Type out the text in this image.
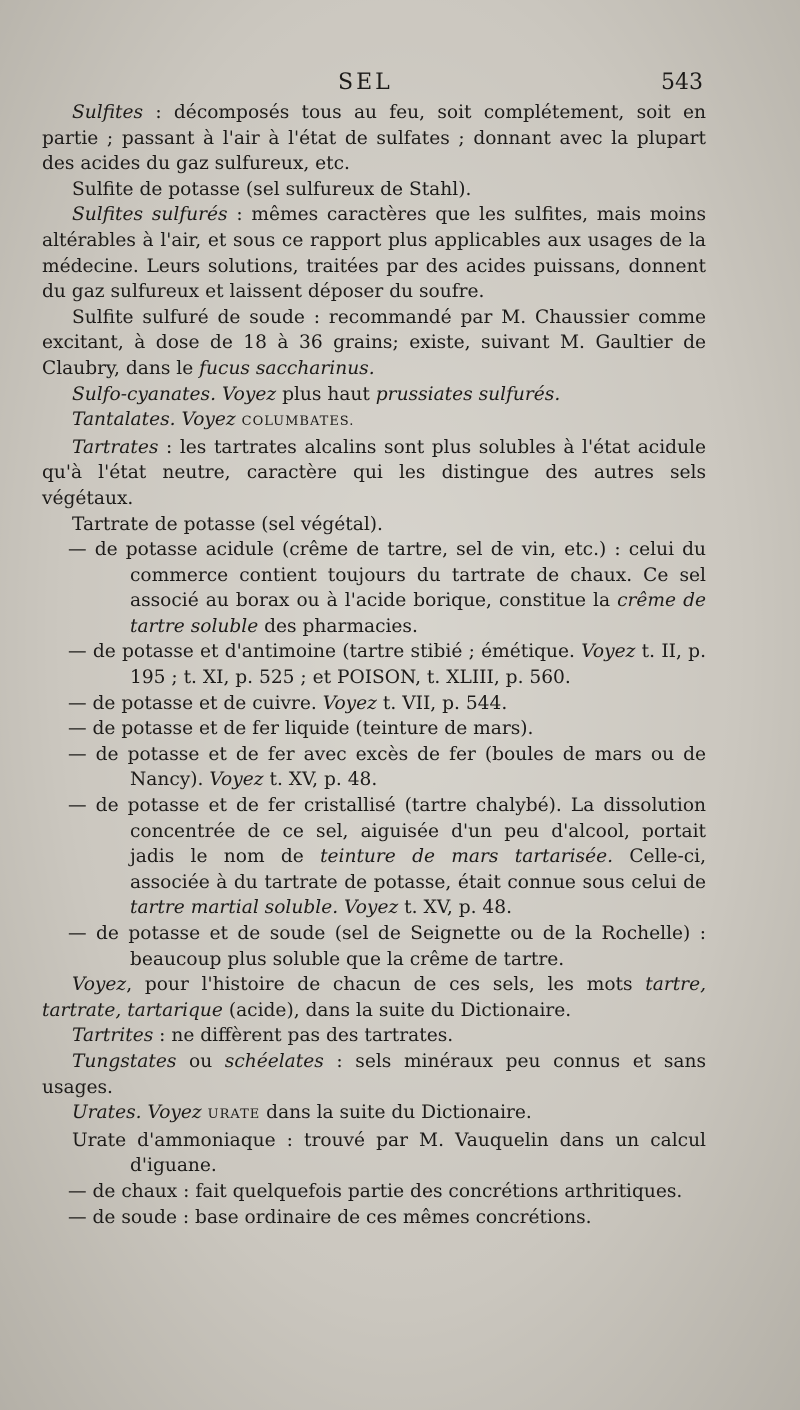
SEL	543

Sulfites : décomposés tous au feu, soit complétement, soit en partie ; passant à l'air à l'état de sulfates ; donnant avec la plupart des acides du gaz sulfureux, etc.

Sulfite de potasse (sel sulfureux de Stahl).

Sulfites sulfurés : mêmes caractères que les sulfites, mais moins altérables à l'air, et sous ce rapport plus applicables aux usages de la médecine. Leurs solutions, traitées par des acides puissans, donnent du gaz sulfureux et laissent déposer du soufre.

Sulfite sulfuré de soude : recommandé par M. Chaussier comme excitant, à dose de 18 à 36 grains; existe, suivant M. Gaultier de Claubry, dans le fucus saccharinus.

Sulfo-cyanates. Voyez plus haut prussiates sulfurés.

Tantalates. Voyez COLUMBATES.

Tartrates : les tartrates alcalins sont plus solubles à l'état acidule qu'à l'état neutre, caractère qui les distingue des autres sels végétaux.

Tartrate de potasse (sel végétal).

— de potasse acidule (crême de tartre, sel de vin, etc.) : celui du commerce contient toujours du tartrate de chaux. Ce sel associé au borax ou à l'acide borique, constitue la crême de tartre soluble des pharmacies.

— de potasse et d'antimoine (tartre stibié ; émétique. Voyez t. II, p. 195 ; t. XI, p. 525 ; et POISON, t. XLIII, p. 560.

— de potasse et de cuivre. Voyez t. VII, p. 544.

— de potasse et de fer liquide (teinture de mars).

— de potasse et de fer avec excès de fer (boules de mars ou de Nancy). Voyez t. XV, p. 48.

— de potasse et de fer cristallisé (tartre chalybé). La dissolution concentrée de ce sel, aiguisée d'un peu d'alcool, portait jadis le nom de teinture de mars tartarisée. Celle-ci, associée à du tartrate de potasse, était connue sous celui de tartre martial soluble. Voyez t. XV, p. 48.

— de potasse et de soude (sel de Seignette ou de la Rochelle) : beaucoup plus soluble que la crême de tartre.

Voyez, pour l'histoire de chacun de ces sels, les mots tartre, tartrate, tartarique (acide), dans la suite du Dictionaire.

Tartrites : ne diffèrent pas des tartrates.

Tungstates ou schéelates : sels minéraux peu connus et sans usages.

Urates. Voyez URATE dans la suite du Dictionaire.

Urate d'ammoniaque : trouvé par M. Vauquelin dans un calcul d'iguane.

— de chaux : fait quelquefois partie des concrétions arthritiques.

— de soude : base ordinaire de ces mêmes concrétions.
